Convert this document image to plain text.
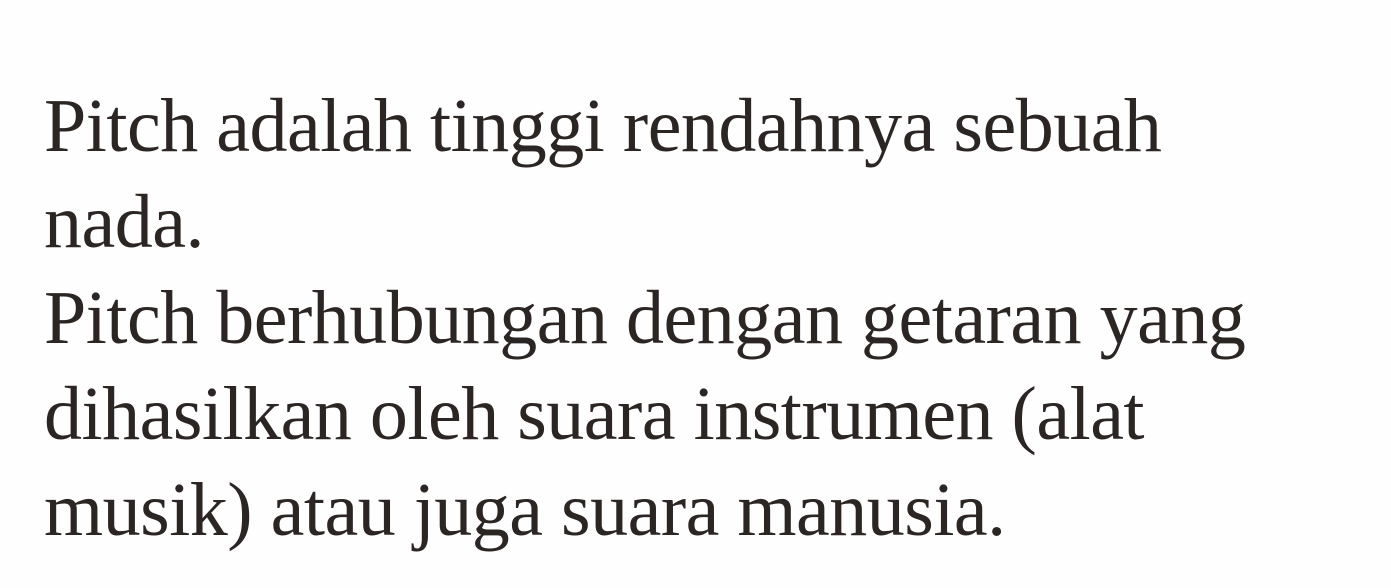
Pitch adalah tinggi rendahnya sebuah
nada.

Pitch berhubungan dengan getaran yang
dihasilkan oleh suara instrumen (alat
musik) atau juga suara manusia.
